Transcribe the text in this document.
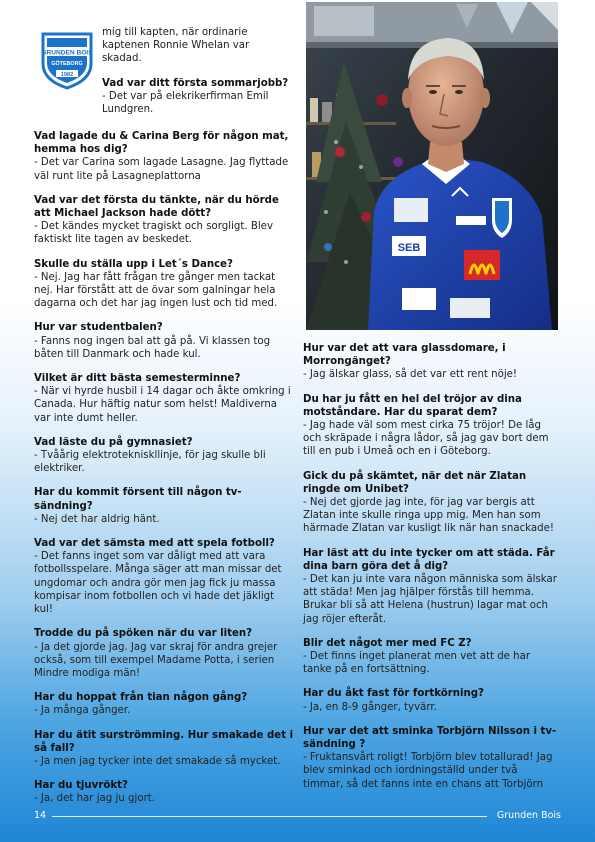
GRUNDEN BOIS
GÖTEBORG
1982
mig till kapten, när ordinarie kaptenen Ronnie Whelan var skadad.
Vad var ditt första sommarjobb?
- Det var på elekrikerfirman Emil Lundgren.
SEB
Vad lagade du & Carina Berg för någon mat, hemma hos dig?
- Det var Carina som lagade Lasagne. Jag flyttade väl runt lite på Lasagneplattorna
Vad var det första du tänkte, när du hörde att Michael Jackson hade dött?
- Det kändes mycket tragiskt och sorgligt. Blev faktiskt lite tagen av beskedet.
Skulle du ställa upp i Let´s Dance?
- Nej. Jag har fått frågan tre gånger men tackat nej. Har förstått att de övar som galningar hela dagarna och det har jag ingen lust och tid med.
Hur var studentbalen?
- Fanns nog ingen bal att gå på. Vi klassen tog båten till Danmark och hade kul.
Vilket är ditt bästa semesterminne?
- När vi hyrde husbil i 14 dagar och åkte omkring i Canada. Hur häftig natur som helst! Maldiverna var inte dumt heller.
Vad läste du på gymnasiet?
- Tvåårig elektrotekniskllinje, för jag skulle bli elektriker.
Har du kommit försent till någon tv- sändning?
- Nej det har aldrig hänt.
Vad var det sämsta med att spela fotboll?
- Det fanns inget som var dåligt med att vara fotbollsspelare. Många säger att man missar det ungdomar och andra gör men jag fick ju massa kompisar inom fotbollen och vi hade det jäkligt kul!
Trodde du på spöken när du var liten?
- Ja det gjorde jag. Jag var skraj för andra grejer också, som till exempel Madame Potta, i serien Mindre modiga män!
Har du hoppat från tian någon gång?
- Ja många gånger.
Har du ätit surströmming. Hur smakade det i så fall?
- Ja men jag tycker inte det smakade så mycket.
Har du tjuvrökt?
- Ja, det har jag ju gjort.
Hur var det att vara glassdomare, i Morrongänget?
- Jag älskar glass, så det var ett rent nöje!
Du har ju fått en hel del tröjor av dina motståndare. Har du sparat dem?
- Jag hade väl som mest cirka 75 tröjor! De låg och skräpade i några lådor, så jag gav bort dem till en pub i Umeå och en i Göteborg.
Gick du på skämtet, när det när Zlatan ringde om Unibet?
- Nej det gjorde jag inte, för jag var bergis att Zlatan inte skulle ringa upp mig. Men han som härmade Zlatan var kusligt lik när han snackade!
Har läst att du inte tycker om att städa. Får dina barn göra det å dig?
- Det kan ju inte vara någon människa som älskar att städa! Men jag hjälper förstås till hemma. Brukar bli så att Helena (hustrun) lagar mat och jag röjer efteråt.
Blir det något mer med FC Z?
- Det finns inget planerat men vet att de har tanke på en fortsättning.
Har du åkt fast för fortkörning?
- Ja, en 8-9 gånger, tyvärr.
Hur var det att sminka Torbjörn Nilsson i tv-sändning ?
- Fruktansvårt roligt! Torbjörn blev totallurad! Jag blev sminkad och iordningställd under två timmar, så det fanns inte en chans att Torbjörn
14	Grunden Bois
